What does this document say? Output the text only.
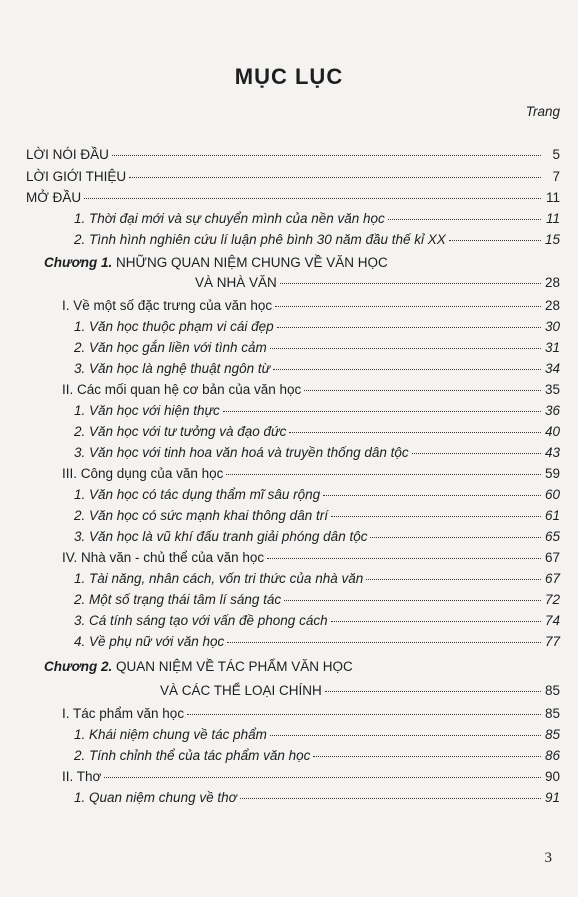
MỤC LỤC
Trang
LỜI NÓI ĐẦU	5
LỜI GIỚI THIỆU	7
MỞ ĐẦU	11
1. Thời đại mới và sự chuyển mình của nền văn học	11
2. Tình hình nghiên cứu lí luận phê bình 30 năm đầu thế kỉ XX	15
Chương 1. NHỮNG QUAN NIỆM CHUNG VỀ VĂN HỌC
VÀ NHÀ VĂN	28
I. Về một số đặc trưng của văn học	28
1. Văn học thuộc phạm vi cái đẹp	30
2. Văn học gắn liền với tình cảm	31
3. Văn học là nghệ thuật ngôn từ	34
II. Các mối quan hệ cơ bản của văn học	35
1. Văn học với hiện thực	36
2. Văn học với tư tưởng và đạo đức	40
3. Văn học với tinh hoa văn hoá và truyền thống dân tộc	43
III. Công dụng của văn học	59
1. Văn học có tác dụng thẩm mĩ sâu rộng	60
2. Văn học có sức mạnh khai thông dân trí	61
3. Văn học là vũ khí đấu tranh giải phóng dân tộc	65
IV. Nhà văn - chủ thể của văn học	67
1. Tài năng, nhân cách, vốn tri thức của nhà văn	67
2. Một số trạng thái tâm lí sáng tác	72
3. Cá tính sáng tạo với vấn đề phong cách	74
4. Về phụ nữ với văn học	77
Chương 2. QUAN NIỆM VỀ TÁC PHẨM VĂN HỌC
VÀ CÁC THỂ LOẠI CHÍNH	85
I. Tác phẩm văn học	85
1. Khái niệm chung về tác phẩm	85
2. Tính chỉnh thể của tác phẩm văn học	86
II. Thơ	90
1. Quan niệm chung về thơ	91
3
